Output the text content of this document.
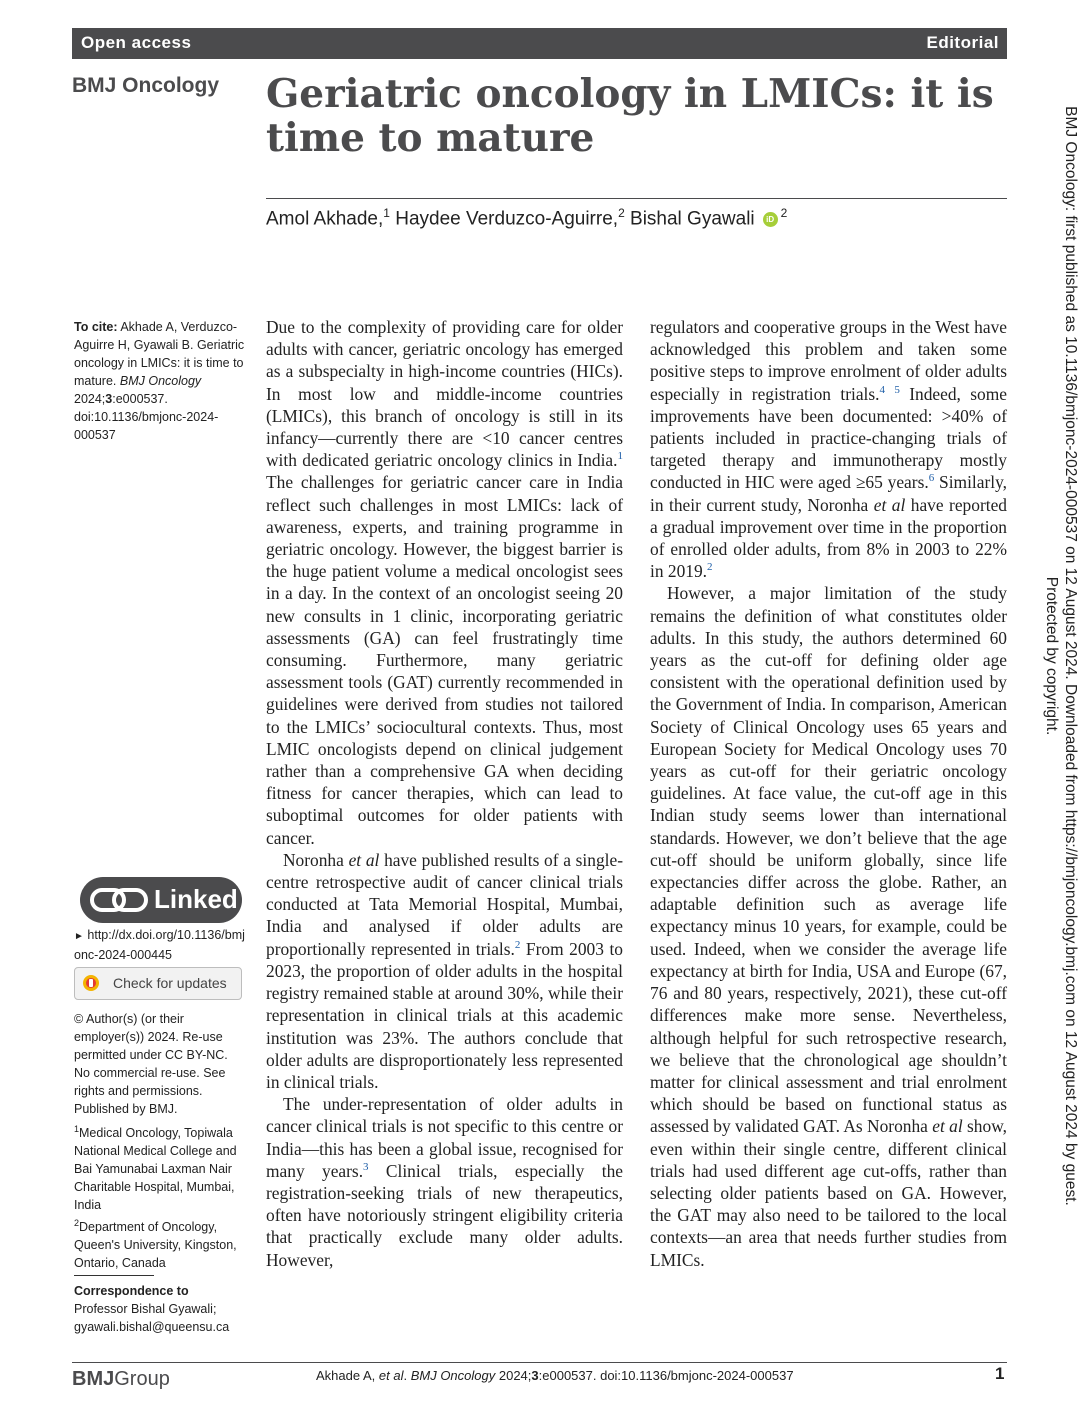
Open access	Editorial
BMJ Oncology Geriatric oncology in LMICs: it is time to mature
Amol Akhade,$^1$ Haydee Verduzco-Aguirre,$^2$ Bishal Gyawali iD $^2$

To cite: Akhade A, Verduzco-Aguirre H, Gyawali B. Geriatric oncology in LMICs: it is time to mature. BMJ Oncology 2024;3:e000537. doi:10.1136/bmjonc-2024-000537

Linked

► http://dx.doi.org/10.1136/bmjonc-2024-000445

Check for updates

© Author(s) (or their employer(s)) 2024. Re-use permitted under CC BY-NC. No commercial re-use. See rights and permissions. Published by BMJ.

$^1$Medical Oncology, Topiwala National Medical College and Bai Yamunabai Laxman Nair Charitable Hospital, Mumbai, India

$^2$Department of Oncology, Queen's University, Kingston, Ontario, Canada

Correspondence to

Professor Bishal Gyawali;

gyawali.bishal@queensu.ca

Due to the complexity of providing care for older adults with cancer, geriatric oncology has emerged as a subspecialty in high-income countries (HICs). In most low and middle-income countries (LMICs), this branch of oncology is still in its infancy—currently there are <10 cancer centres with dedicated geriatric oncology clinics in India.$^1$ The challenges for geriatric cancer care in India reflect such challenges in most LMICs: lack of awareness, experts, and training programme in geriatric oncology. However, the biggest barrier is the huge patient volume a medical oncologist sees in a day. In the context of an oncologist seeing 20 new consults in 1 clinic, incorporating geriatric assessments (GA) can feel frustratingly time consuming. Furthermore, many geriatric assessment tools (GAT) currently recommended in guidelines were derived from studies not tailored to the LMICs’ sociocultural contexts. Thus, most LMIC oncologists depend on clinical judgement rather than a comprehensive GA when deciding fitness for cancer therapies, which can lead to suboptimal outcomes for older patients with cancer.

Noronha et al have published results of a single-centre retrospective audit of cancer clinical trials conducted at Tata Memorial Hospital, Mumbai, India and analysed if older adults are proportionally represented in trials.$^2$ From 2003 to 2023, the proportion of older adults in the hospital registry remained stable at around 30%, while their representation in clinical trials at this academic institution was 23%. The authors conclude that older adults are disproportionately less represented in clinical trials.

The under-representation of older adults in cancer clinical trials is not specific to this centre or India—this has been a global issue, recognised for many years.$^3$ Clinical trials, especially the registration-seeking trials of new therapeutics, often have notoriously stringent eligibility criteria that practically exclude many older adults. However,

regulators and cooperative groups in the West have acknowledged this problem and taken some positive steps to improve enrolment of older adults especially in registration trials.$^4$ $^5$ Indeed, some improvements have been documented: >40% of patients included in practice-changing trials of targeted therapy and immunotherapy mostly conducted in HIC were aged ≥65 years.$^6$ Similarly, in their current study, Noronha et al have reported a gradual improvement over time in the proportion of enrolled older adults, from 8% in 2003 to 22% in 2019.$^2$

However, a major limitation of the study remains the definition of what constitutes older adults. In this study, the authors determined 60 years as the cut-off for defining older age consistent with the operational definition used by the Government of India. In comparison, American Society of Clinical Oncology uses 65 years and European Society for Medical Oncology uses 70 years as cut-off for their geriatric oncology guidelines. At face value, the cut-off age in this Indian study seems lower than international standards. However, we don’t believe that the age cut-off should be uniform globally, since life expectancies differ across the globe. Rather, an adaptable definition such as average life expectancy minus 10 years, for example, could be used. Indeed, when we consider the average life expectancy at birth for India, USA and Europe (67, 76 and 80 years, respectively, 2021), these cut-off differences make more sense. Nevertheless, although helpful for such retrospective research, we believe that the chronological age shouldn’t matter for clinical assessment and trial enrolment which should be based on functional status as assessed by validated GAT. As Noronha et al show, even within their single centre, different clinical trials had used different age cut-offs, rather than selecting older patients based on GA. However, the GAT may also need to be tailored to the local contexts—an area that needs further studies from LMICs.

BMJ Oncology: first published as 10.1136/bmjonc-2024-000537 on 12 August 2024. Downloaded from https://bmjoncology.bmj.com on 12 August 2024 by guest. Protected by copyright.
BMJGroup	Akhade A, et al. BMJ Oncology 2024;3:e000537. doi:10.1136/bmjonc-2024-000537	1
